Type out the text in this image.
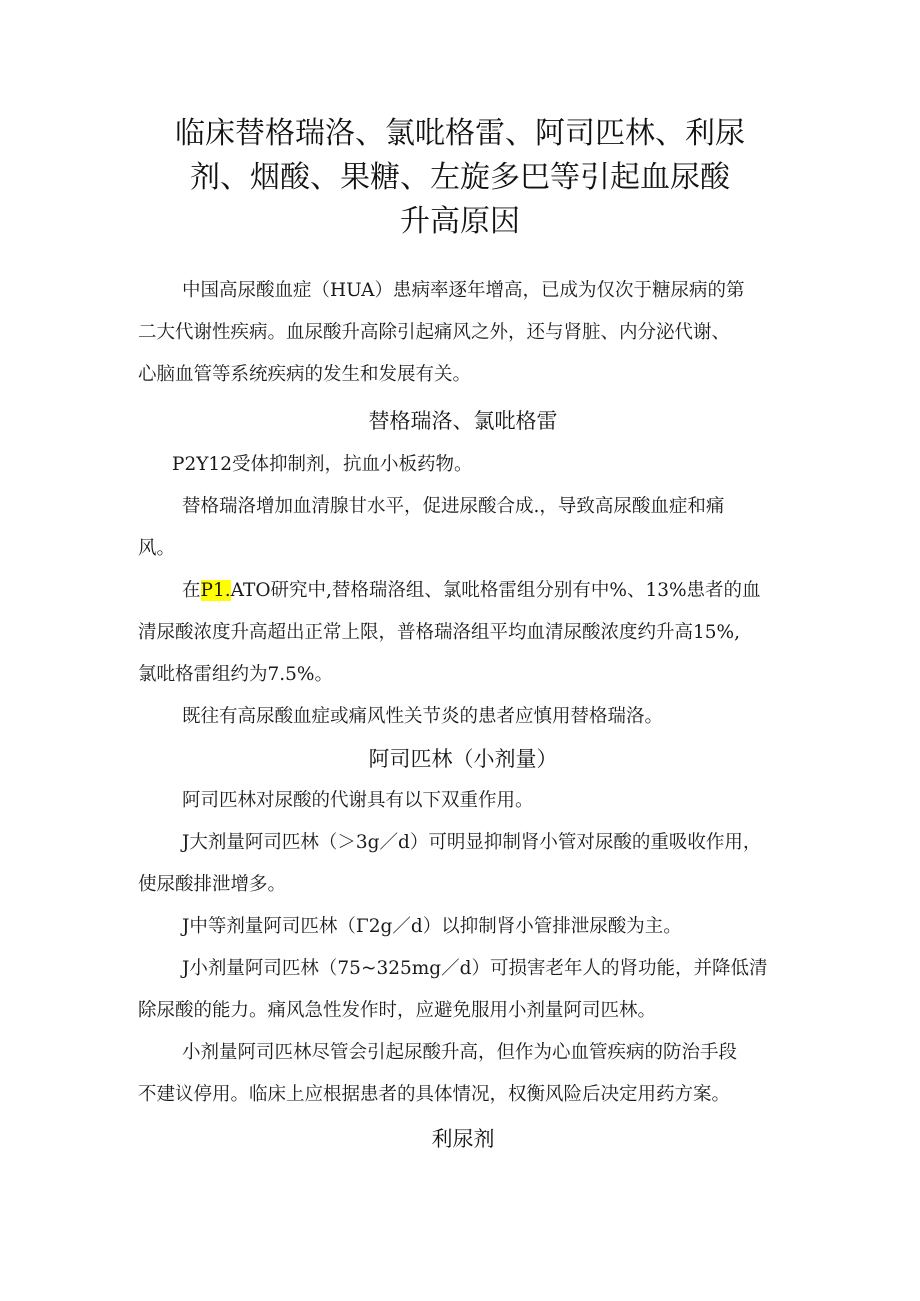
临床替格瑞洛、氯吡格雷、阿司匹林、利尿
剂、烟酸、果糖、左旋多巴等引起血尿酸
升高原因

中国高尿酸血症（HUA）患病率逐年增高，已成为仅次于糖尿病的第
二大代谢性疾病。血尿酸升高除引起痛风之外，还与肾脏、内分泌代谢、
心脑血管等系统疾病的发生和发展有关。

替格瑞洛、氯吡格雷

P2Y12受体抑制剂，抗血小板药物。

替格瑞洛增加血清腺甘水平，促进尿酸合成.，导致高尿酸血症和痛
风。

在P1.ATO研究中,替格瑞洛组、氯吡格雷组分别有中%、13%患者的血
清尿酸浓度升高超出正常上限，普格瑞洛组平均血清尿酸浓度约升高15%,
氯吡格雷组约为7.5%。

既往有高尿酸血症或痛风性关节炎的患者应慎用替格瑞洛。

阿司匹林（小剂量）

阿司匹林对尿酸的代谢具有以下双重作用。

J大剂量阿司匹林（＞3g／d）可明显抑制肾小管对尿酸的重吸收作用，
使尿酸排泄增多。

J中等剂量阿司匹林（Γ2g／d）以抑制肾小管排泄尿酸为主。

J小剂量阿司匹林（75~325mg／d）可损害老年人的肾功能，并降低清
除尿酸的能力。痛风急性发作时，应避免服用小剂量阿司匹林。

小剂量阿司匹林尽管会引起尿酸升高，但作为心血管疾病的防治手段
不建议停用。临床上应根据患者的具体情况，权衡风险后决定用药方案。

利尿剂
